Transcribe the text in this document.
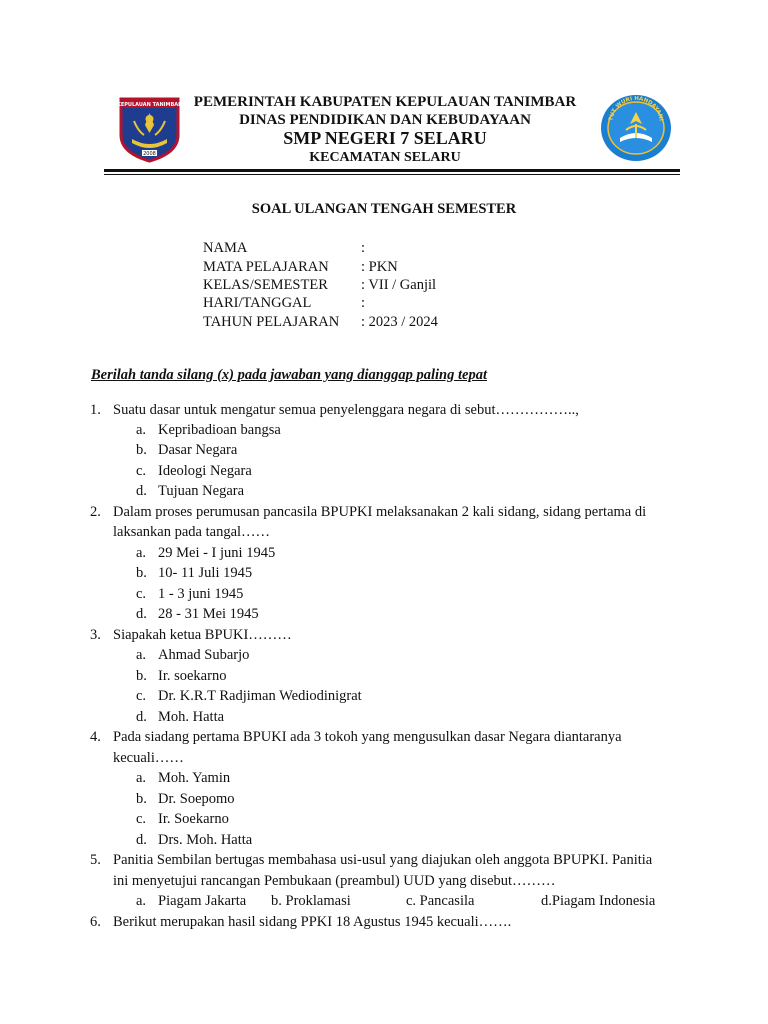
KEPULAUAN TANIMBAR
2008
TUT WURI HANDAYANI
PEMERINTAH KABUPATEN KEPULAUAN TANIMBAR
DINAS PENDIDIKAN DAN KEBUDAYAAN
SMP NEGERI 7 SELARU
KECAMATAN SELARU
SOAL ULANGAN TENGAH SEMESTER
NAMA	:
MATA PELAJARAN : PKN
KELAS/SEMESTER : VII / Ganjil
HARI/TANGGAL	:
TAHUN PELAJARAN : 2023 / 2024
Berilah tanda silang (x) pada jawaban yang dianggap paling tepat
1. Suatu dasar untuk mengatur semua penyelenggara negara di sebut……………..,
a. Kepribadioan bangsa
b. Dasar Negara
c. Ideologi Negara
d. Tujuan Negara
2. Dalam proses perumusan pancasila BPUPKI melaksanakan 2 kali sidang, sidang pertama di
laksankan pada tangal……
a. 29 Mei - I juni 1945
b. 10- 11 Juli 1945
c. 1 - 3 juni 1945
d. 28 - 31 Mei 1945
3. Siapakah ketua BPUKI………
a. Ahmad Subarjo
b. Ir. soekarno
c. Dr. K.R.T Radjiman Wediodinigrat
d. Moh. Hatta
4. Pada siadang pertama BPUKI ada 3 tokoh yang mengusulkan dasar Negara diantaranya
kecuali……
a. Moh. Yamin
b. Dr. Soepomo
c. Ir. Soekarno
d. Drs. Moh. Hatta
5. Panitia Sembilan bertugas membahasa usi-usul yang diajukan oleh anggota BPUPKI. Panitia
ini menyetujui rancangan Pembukaan (preambul) UUD yang disebut………
a. Piagam Jakarta b. Proklamasi	c. Pancasila	d.Piagam Indonesia
6. Berikut merupakan hasil sidang PPKI 18 Agustus 1945 kecuali…….
